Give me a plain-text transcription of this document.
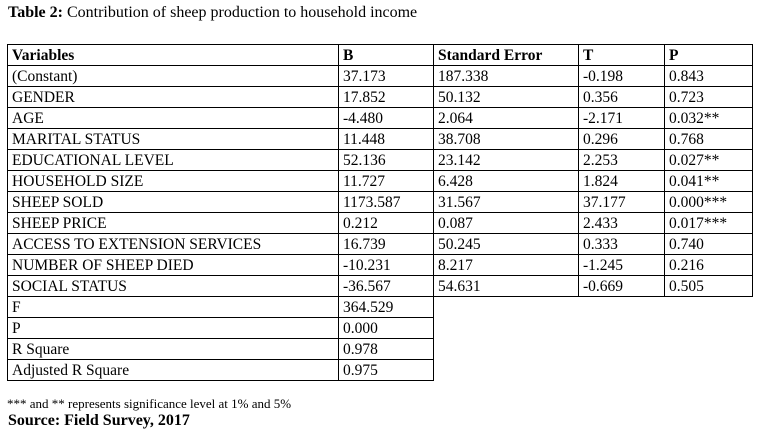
Table 2: Contribution of sheep production to household income
Variables	B	Standard Error	T	P
(Constant)	37.173	187.338	-0.198	0.843
GENDER	17.852	50.132	0.356	0.723
AGE	-4.480	2.064	-2.171	0.032**
MARITAL STATUS	11.448	38.708	0.296	0.768
EDUCATIONAL LEVEL	52.136	23.142	2.253	0.027**
HOUSEHOLD SIZE	11.727	6.428	1.824	0.041**
SHEEP SOLD	1173.587	31.567	37.177	0.000***
SHEEP PRICE	0.212	0.087	2.433	0.017***
ACCESS TO EXTENSION SERVICES	16.739	50.245	0.333	0.740
NUMBER OF SHEEP DIED	-10.231	8.217	-1.245	0.216
SOCIAL STATUS	-36.567	54.631	-0.669	0.505
F	364.529			
P	0.000			
R Square	0.978			
Adjusted R Square	0.975			
*** and ** represents significance level at 1% and 5%
Source: Field Survey, 2017
